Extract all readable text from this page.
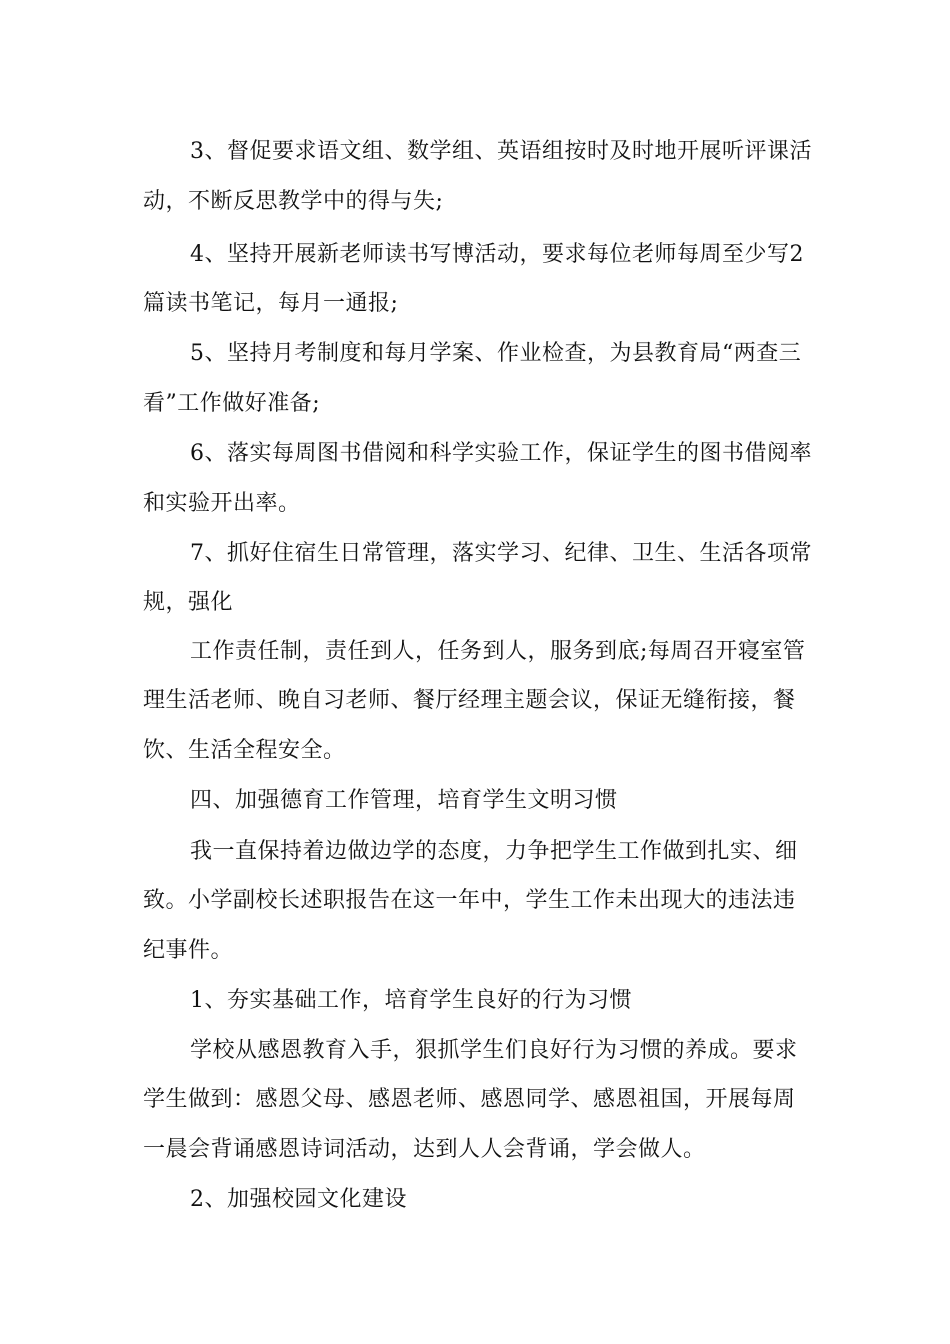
3、督促要求语文组、数学组、英语组按时及时地开展听评课活
动，不断反思教学中的得与失;
4、坚持开展新老师读书写博活动，要求每位老师每周至少写2
篇读书笔记，每月一通报;
5、坚持月考制度和每月学案、作业检查，为县教育局“两查三
看”工作做好准备;
6、落实每周图书借阅和科学实验工作，保证学生的图书借阅率
和实验开出率。
7、抓好住宿生日常管理，落实学习、纪律、卫生、生活各项常
规，强化
工作责任制，责任到人，任务到人，服务到底;每周召开寝室管
理生活老师、晚自习老师、餐厅经理主题会议，保证无缝衔接，餐
饮、生活全程安全。
四、加强德育工作管理，培育学生文明习惯
我一直保持着边做边学的态度，力争把学生工作做到扎实、细
致。小学副校长述职报告在这一年中，学生工作未出现大的违法违
纪事件。
1、夯实基础工作，培育学生良好的行为习惯
学校从感恩教育入手，狠抓学生们良好行为习惯的养成。要求
学生做到：感恩父母、感恩老师、感恩同学、感恩祖国，开展每周
一晨会背诵感恩诗词活动，达到人人会背诵，学会做人。
2、加强校园文化建设
